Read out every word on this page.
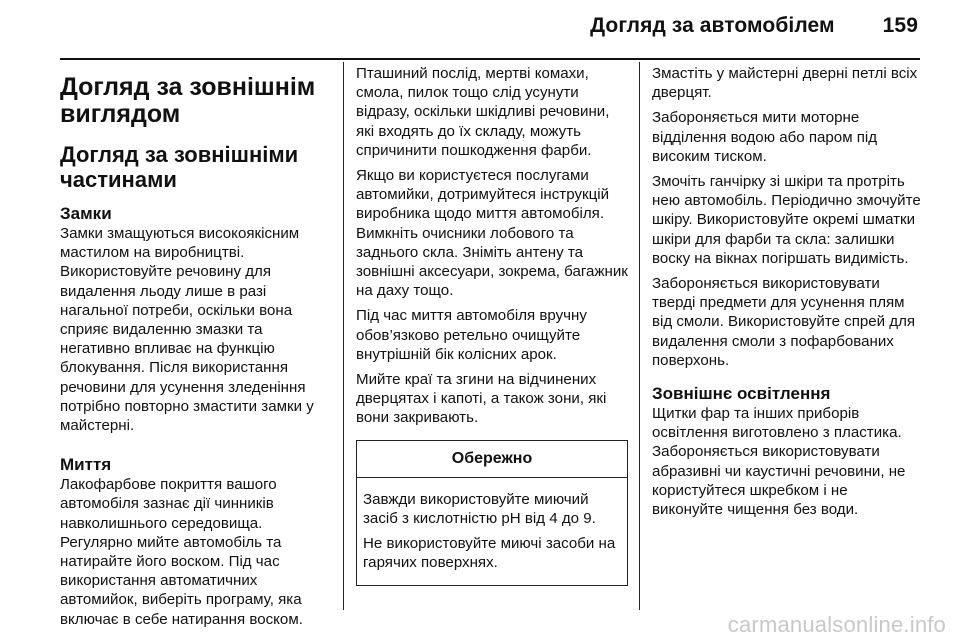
Догляд за автомобілем 159
Догляд за зовнішнім виглядом
Догляд за зовнішніми частинами
Замки

Замки змащуються високоякісним мастилом на виробництві. Використовуйте речовину для видалення льоду лише в разі нагальної потреби, оскільки вона сприяє видаленню змазки та негативно впливає на функцію блокування. Після використання речовини для усунення зледеніння потрібно повторно змастити замки у майстерні.

Миття

Лакофарбове покриття вашого автомобіля зазнає дії чинників навколишнього середовища. Регулярно мийте автомобіль та натирайте його воском. Під час використання автоматичних автомийок, виберіть програму, яка включає в себе натирання воском.

Пташиний послід, мертві комахи, смола, пилок тощо слід усунути відразу, оскільки шкідливі речовини, які входять до їх складу, можуть спричинити пошкодження фарби.

Якщо ви користуєтеся послугами автомийки, дотримуйтеся інструкцій виробника щодо миття автомобіля. Вимкніть очисники лобового та заднього скла. Зніміть антену та зовнішні аксесуари, зокрема, багажник на даху тощо.

Під час миття автомобіля вручну обов’язково ретельно очищуйте внутрішній бік колісних арок.

Мийте краї та згини на відчинених дверцятах і капоті, а також зони, які вони закривають.

Обережно

Завжди використовуйте миючий засіб з кислотністю pH від 4 до 9.

Не використовуйте миючі засоби на гарячих поверхнях.

Змастіть у майстерні дверні петлі всіх дверцят.

Забороняється мити моторне відділення водою або паром під високим тиском.

Змочіть ганчірку зі шкіри та протріть нею автомобіль. Періодично змочуйте шкіру. Використовуйте окремі шматки шкіри для фарби та скла: залишки воску на вікнах погіршать видимість.

Забороняється використовувати тверді предмети для усунення плям від смоли. Використовуйте спрей для видалення смоли з пофарбованих поверхонь.

Зовнішнє освітлення

Щитки фар та інших приборів освітлення виготовлено з пластика. Забороняється використовувати абразивні чи каустичні речовини, не користуйтеся шкребком і не виконуйте чищення без води.

carmanualsonline.info
